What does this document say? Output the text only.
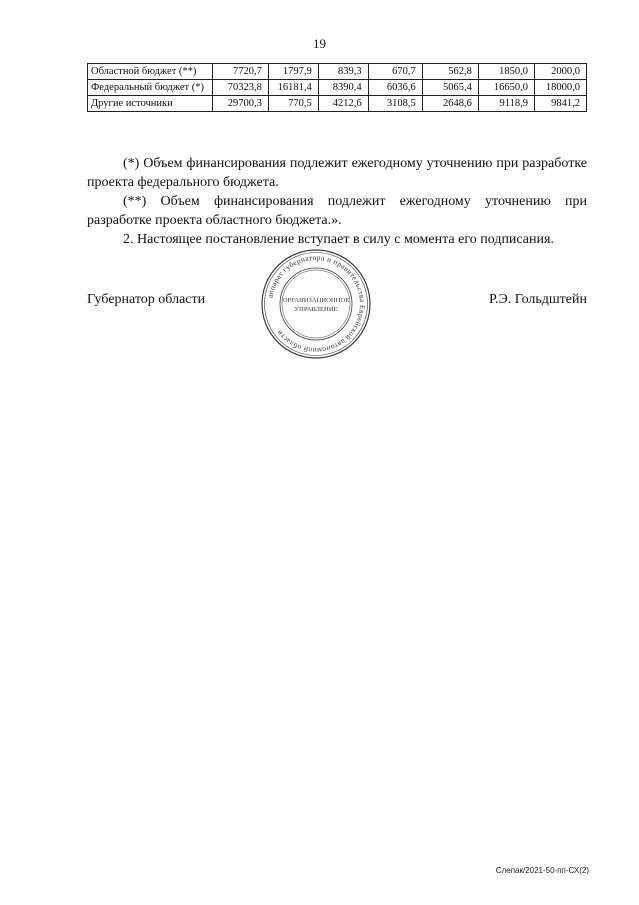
19
Областной бюджет (**)	7720,7	1797,9	839,3	670,7	562,8	1850,0	2000,0
Федеральный бюджет (*)	70323,8	16181,4	8390,4	6036,6	5065,4	16650,0	18000,0
Другие источники	29700,3	770,5	4212,6	3108,5	2648,6	9118,9	9841,2

(*) Объем финансирования подлежит ежегодному уточнению при разработке проекта федерального бюджета.

(**) Объем финансирования подлежит ежегодному уточнению при разработке проекта областного бюджета.».

2. Настоящее постановление вступает в силу с момента его подписания.

Губернатор области	Р.Э. Гольдштейн
аппарат губернатора и правительства Еврейской автономной области
ОРГАНИЗАЦИОННОЕ
УПРАВЛЕНИЕ
Слепак/2021-50-пп-СХ(2)
